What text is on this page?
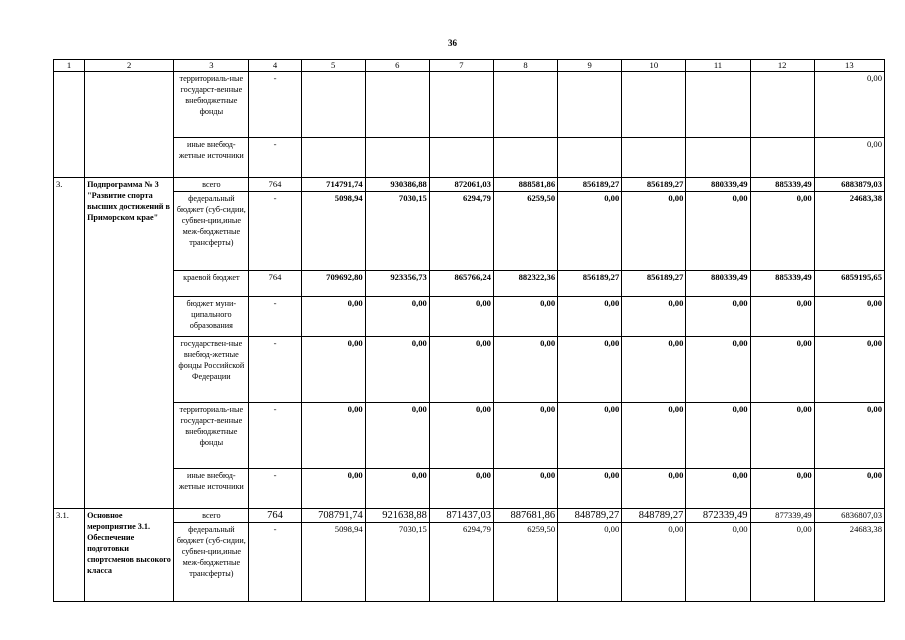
36
1	2	3	4	5	6	7	8	9	10	11	12	13
		территориаль-ные государст-венные внебюджетные фонды	-									0,00
		иные внебюд-жетные источники	-									0,00
3.	Подпрограмма № 3 "Развитие спорта высших достижений в Приморском крае"	всего	764	714791,74	930386,88	872061,03	888581,86	856189,27	856189,27	880339,49	885339,49	6883879,03
		федеральный бюджет (суб-сидии, субвен-ции,иные меж-бюджетные трансферты)	-	5098,94	7030,15	6294,79	6259,50	0,00	0,00	0,00	0,00	24683,38
		краевой бюджет	764	709692,80	923356,73	865766,24	882322,36	856189,27	856189,27	880339,49	885339,49	6859195,65
		бюджет муни-ципального образования	-	0,00	0,00	0,00	0,00	0,00	0,00	0,00	0,00	0,00
		государствен-ные внебюд-жетные фонды Российской Федерации	-	0,00	0,00	0,00	0,00	0,00	0,00	0,00	0,00	0,00
		территориаль-ные государст-венные внебюджетные фонды	-	0,00	0,00	0,00	0,00	0,00	0,00	0,00	0,00	0,00
		иные внебюд-жетные источники	-	0,00	0,00	0,00	0,00	0,00	0,00	0,00	0,00	0,00
3.1.	Основное мероприятие 3.1. Обеспечение подготовки спортсменов высокого класса	всего	764	708791,74	921638,88	871437,03	887681,86	848789,27	848789,27	872339,49	877339,49	6836807,03
		федеральный бюджет (суб-сидии, субвен-ции,иные меж-бюджетные трансферты)	-	5098,94	7030,15	6294,79	6259,50	0,00	0,00	0,00	0,00	24683,38
